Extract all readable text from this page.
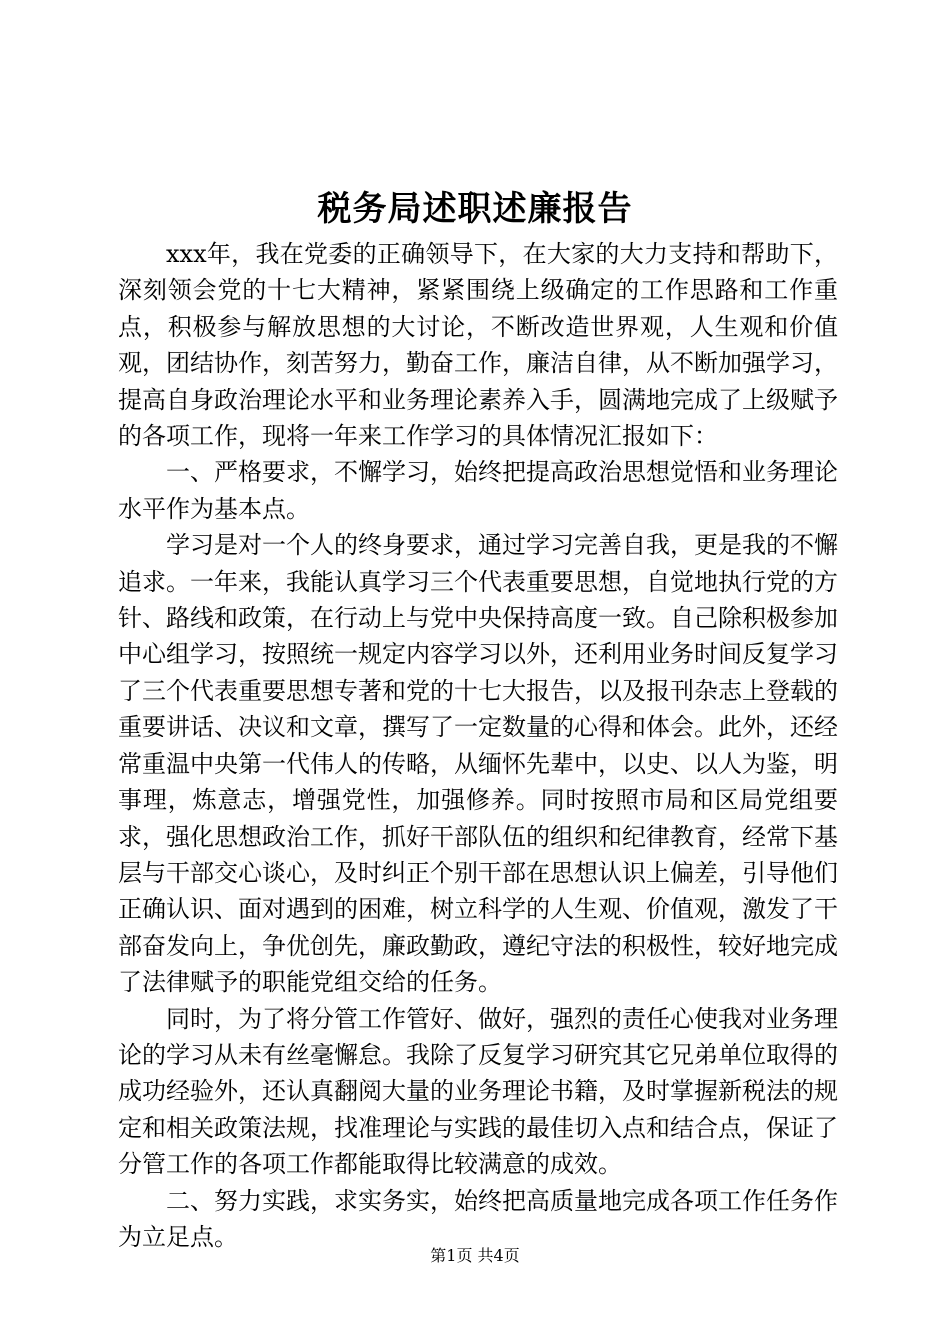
税务局述职述廉报告

xxx年，我在党委的正确领导下，在大家的大力支持和帮助下，深刻领会党的十七大精神，紧紧围绕上级确定的工作思路和工作重点，积极参与解放思想的大讨论，不断改造世界观，人生观和价值观，团结协作，刻苦努力，勤奋工作，廉洁自律，从不断加强学习，提高自身政治理论水平和业务理论素养入手，圆满地完成了上级赋予的各项工作，现将一年来工作学习的具体情况汇报如下：

一、严格要求，不懈学习，始终把提高政治思想觉悟和业务理论水平作为基本点。

学习是对一个人的终身要求，通过学习完善自我，更是我的不懈追求。一年来，我能认真学习三个代表重要思想，自觉地执行党的方针、路线和政策，在行动上与党中央保持高度一致。自己除积极参加中心组学习，按照统一规定内容学习以外，还利用业务时间反复学习了三个代表重要思想专著和党的十七大报告，以及报刊杂志上登载的重要讲话、决议和文章，撰写了一定数量的心得和体会。此外，还经常重温中央第一代伟人的传略，从缅怀先辈中，以史、以人为鉴，明事理，炼意志，增强党性，加强修养。同时按照市局和区局党组要求，强化思想政治工作，抓好干部队伍的组织和纪律教育，经常下基层与干部交心谈心，及时纠正个别干部在思想认识上偏差，引导他们正确认识、面对遇到的困难，树立科学的人生观、价值观，激发了干部奋发向上，争优创先，廉政勤政，遵纪守法的积极性，较好地完成了法律赋予的职能党组交给的任务。

同时，为了将分管工作管好、做好，强烈的责任心使我对业务理论的学习从未有丝毫懈怠。我除了反复学习研究其它兄弟单位取得的成功经验外，还认真翻阅大量的业务理论书籍，及时掌握新税法的规定和相关政策法规，找准理论与实践的最佳切入点和结合点，保证了分管工作的各项工作都能取得比较满意的成效。

二、努力实践，求实务实，始终把高质量地完成各项工作任务作为立足点。

第1页 共4页
